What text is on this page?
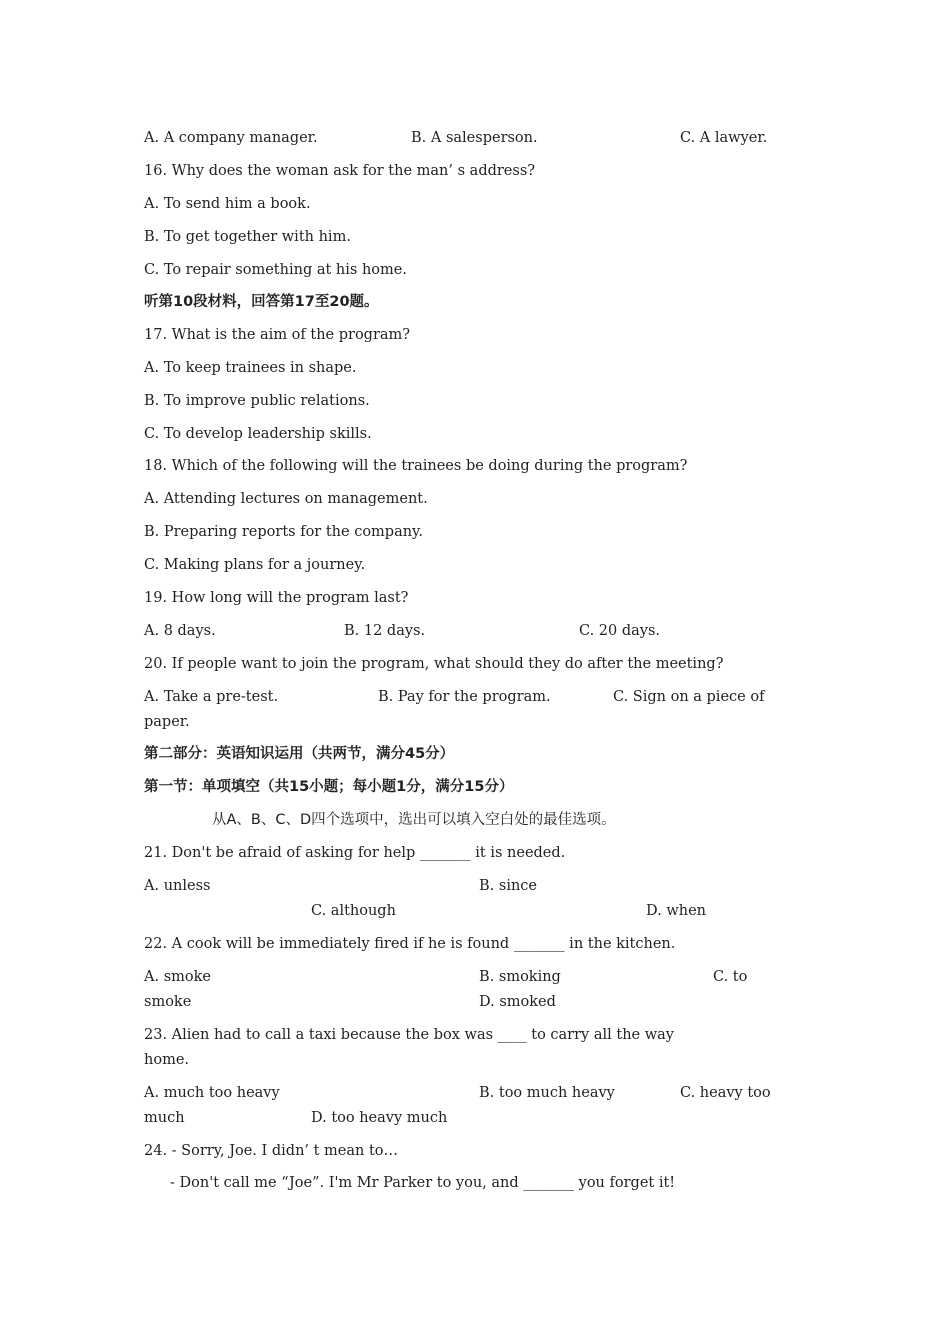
A. A company manager.	B. A salesperson.	C. A lawyer.
16. Why does the woman ask for the man’ s address?
A. To send him a book.
B. To get together with him.
C. To repair something at his home.
听第10段材料，回答第17至20题。
17. What is the aim of the program?
A. To keep trainees in shape.
B. To improve public relations.
C. To develop leadership skills.
18. Which of the following will the trainees be doing during the program?
A. Attending lectures on management.
B. Preparing reports for the company.
C. Making plans for a journey.
19. How long will the program last?
A. 8 days.	B. 12 days.	C. 20 days.
20. If people want to join the program, what should they do after the meeting?
A. Take a pre-test.	B. Pay for the program.	C. Sign on a piece of
paper.
第二部分：英语知识运用（共两节，满分45分）
第一节：单项填空（共15小题；每小题1分，满分15分）
从A、B、C、D四个选项中，选出可以填入空白处的最佳选项。
21. Don't be afraid of asking for help _______ it is needed.
A. unless	B. since
C. although	D. when
22. A cook will be immediately fired if he is found _______ in the kitchen.
A. smoke	B. smoking	C. to
smoke	D. smoked
23. Alien had to call a taxi because the box was ____ to carry all the way
home.
A. much too heavy	B. too much heavy	C. heavy too
much	D. too heavy much
24. - Sorry, Joe. I didn’ t mean to…
- Don't call me “Joe”. I'm Mr Parker to you, and _______ you forget it!
